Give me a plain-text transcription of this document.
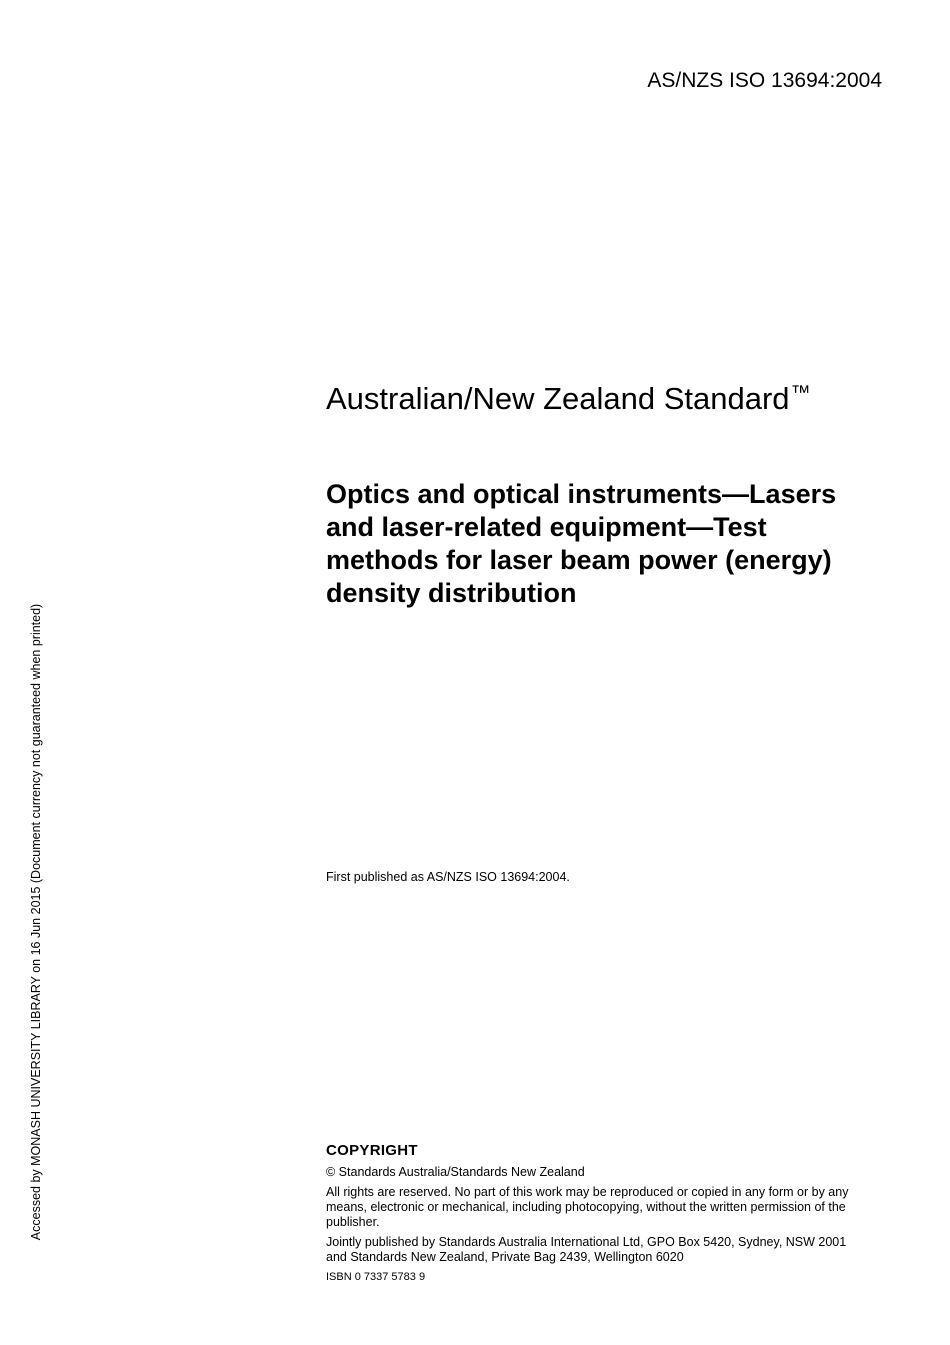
AS/NZS ISO 13694:2004
Australian/New Zealand Standard™
Optics and optical instruments—Lasers
and laser-related equipment—Test
methods for laser beam power (energy)
density distribution
First published as AS/NZS ISO 13694:2004.
COPYRIGHT

© Standards Australia/Standards New Zealand

All rights are reserved. No part of this work may be reproduced or copied in any form or by any
means, electronic or mechanical, including photocopying, without the written permission of the
publisher.

Jointly published by Standards Australia International Ltd, GPO Box 5420, Sydney, NSW 2001
and Standards New Zealand, Private Bag 2439, Wellington 6020

ISBN 0 7337 5783 9

Accessed by MONASH UNIVERSITY LIBRARY on 16 Jun 2015 (Document currency not guaranteed when printed)
